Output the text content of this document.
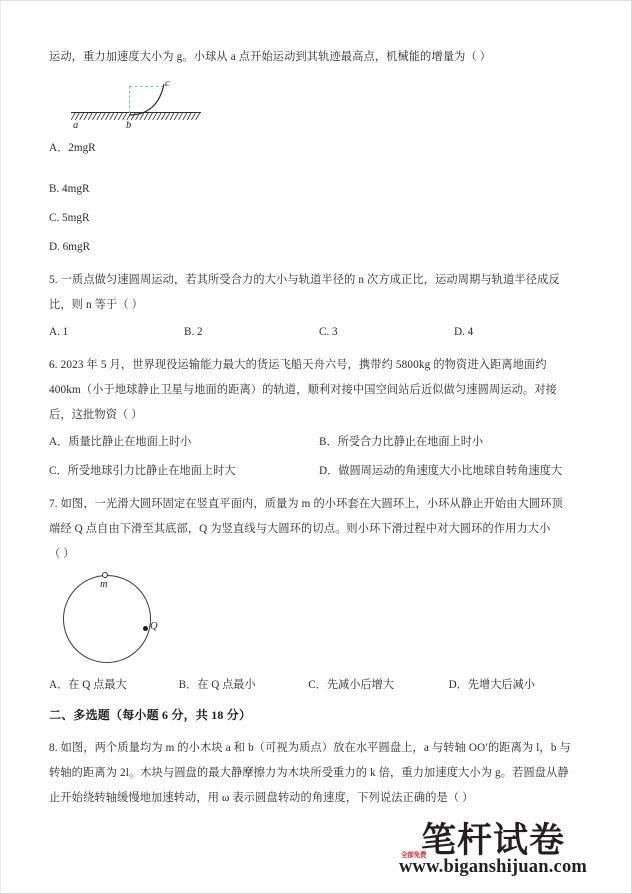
运动，重力加速度大小为 g。小球从 a 点开始运动到其轨迹最高点，机械能的增量为（ ）
a	b
c
A．2mgR
B. 4mgR
C. 5mgR
D. 6mgR
5. 一质点做匀速圆周运动，若其所受合力的大小与轨道半径的 n 次方成正比，运动周期与轨道半径成反
比，则 n 等于（ ）
A. 1	B. 2	C. 3	D. 4
6. 2023 年 5 月，世界现役运输能力最大的货运飞船天舟六号，携带约 5800kg 的物资进入距离地面约
400km（小于地球静止卫星与地面的距离）的轨道，顺利对接中国空间站后近似做匀速圆周运动。对接
后，这批物资（ ）
A．质量比静止在地面上时小	B．所受合力比静止在地面上时小
C．所受地球引力比静止在地面上时大	D．做圆周运动的角速度大小比地球自转角速度大
7. 如图，一光滑大圆环固定在竖直平面内，质量为 m 的小环套在大圆环上，小环从静止开始由大圆环顶
端经 Q 点自由下滑至其底部，Q 为竖直线与大圆环的切点。则小环下滑过程中对大圆环的作用力大小
（ ）
m
Q
A．在 Q 点最大	B．在 Q 点最小	C．先减小后增大	D．先增大后减小
二、多选题（每小题 6 分，共 18 分）
8. 如图，两个质量均为 m 的小木块 a 和 b（可视为质点）放在水平圆盘上，a 与转轴 OO′的距离为 l，b 与
转轴的距离为 2l。木块与圆盘的最大静摩擦力为木块所受重力的 k 倍，重力加速度大小为 g。若圆盘从静
止开始绕转轴缓慢地加速转动，用 ω 表示圆盘转动的角速度，下列说法正确的是（ ）
笔杆试卷
全部免费
www.biganshijuan.com
